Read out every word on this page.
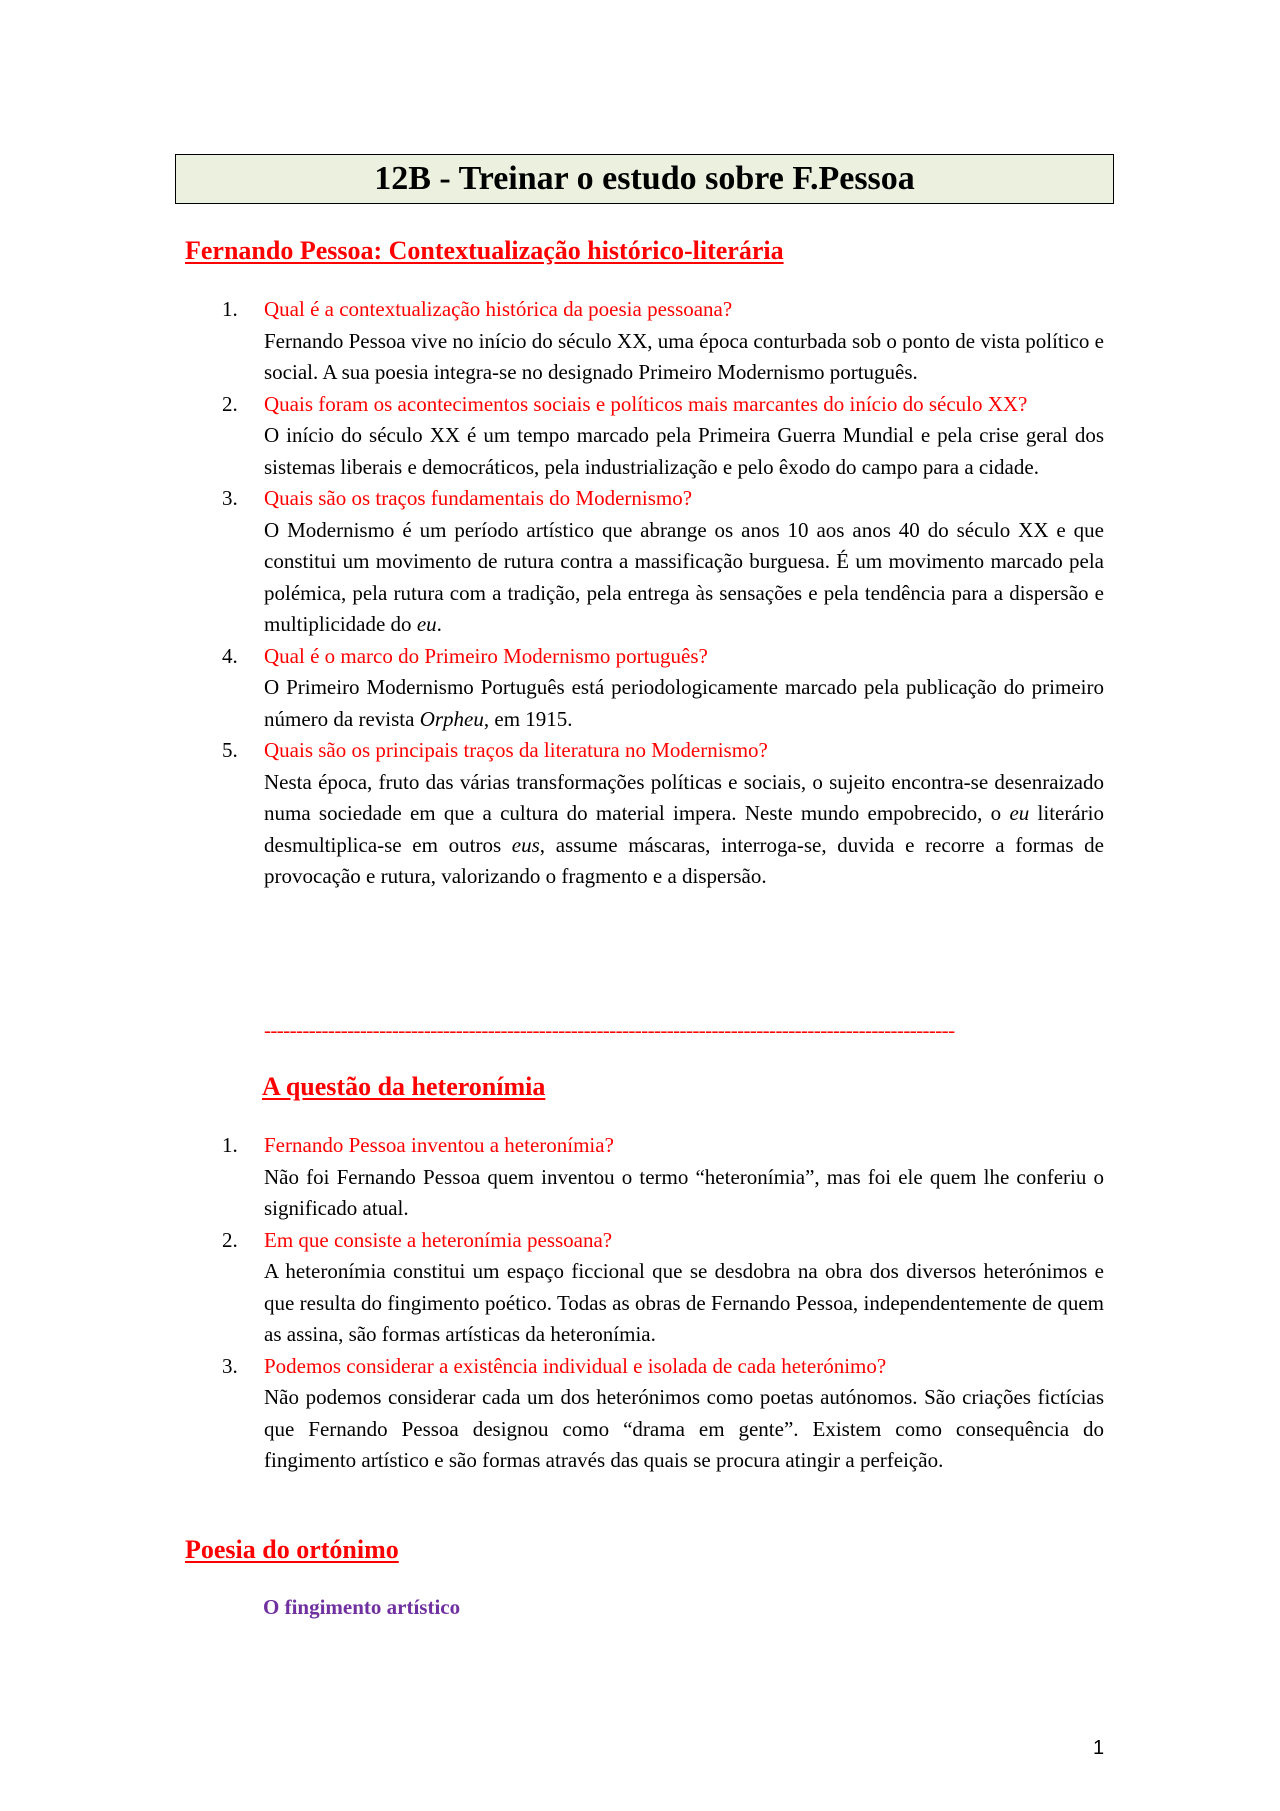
12B - Treinar o estudo sobre F.Pessoa
Fernando Pessoa: Contextualização histórico-literária
1.	Qual é a contextualização histórica da poesia pessoana?
Fernando Pessoa vive no início do século XX, uma época conturbada sob o ponto de vista político e social. A sua poesia integra-se no designado Primeiro Modernismo português.
2.	Quais foram os acontecimentos sociais e políticos mais marcantes do início do século XX?
O início do século XX é um tempo marcado pela Primeira Guerra Mundial e pela crise geral dos sistemas liberais e democráticos, pela industrialização e pelo êxodo do campo para a cidade.
3.	Quais são os traços fundamentais do Modernismo?
O Modernismo é um período artístico que abrange os anos 10 aos anos 40 do século XX e que constitui um movimento de rutura contra a massificação burguesa. É um movimento marcado pela polémica, pela rutura com a tradição, pela entrega às sensações e pela tendência para a dispersão e multiplicidade do eu.
4.	Qual é o marco do Primeiro Modernismo português?
O Primeiro Modernismo Português está periodologicamente marcado pela publicação do primeiro número da revista Orpheu, em 1915.
5.	Quais são os principais traços da literatura no Modernismo?
Nesta época, fruto das várias transformações políticas e sociais, o sujeito encontra-se desenraizado numa sociedade em que a cultura do material impera. Neste mundo empobrecido, o eu literário desmultiplica-se em outros eus, assume máscaras, interroga-se, duvida e recorre a formas de provocação e rutura, valorizando o fragmento e a dispersão.
------------------------------------------------------------------------------------------------------------
A questão da heteronímia
1.	Fernando Pessoa inventou a heteronímia?
Não foi Fernando Pessoa quem inventou o termo “heteronímia”, mas foi ele quem lhe conferiu o significado atual.
2.	Em que consiste a heteronímia pessoana?
A heteronímia constitui um espaço ficcional que se desdobra na obra dos diversos heterónimos e que resulta do fingimento poético. Todas as obras de Fernando Pessoa, independentemente de quem as assina, são formas artísticas da heteronímia.
3.	Podemos considerar a existência individual e isolada de cada heterónimo?
Não podemos considerar cada um dos heterónimos como poetas autónomos. São criações fictícias que Fernando Pessoa designou como “drama em gente”. Existem como consequência do fingimento artístico e são formas através das quais se procura atingir a perfeição.
Poesia do ortónimo
O fingimento artístico
1
